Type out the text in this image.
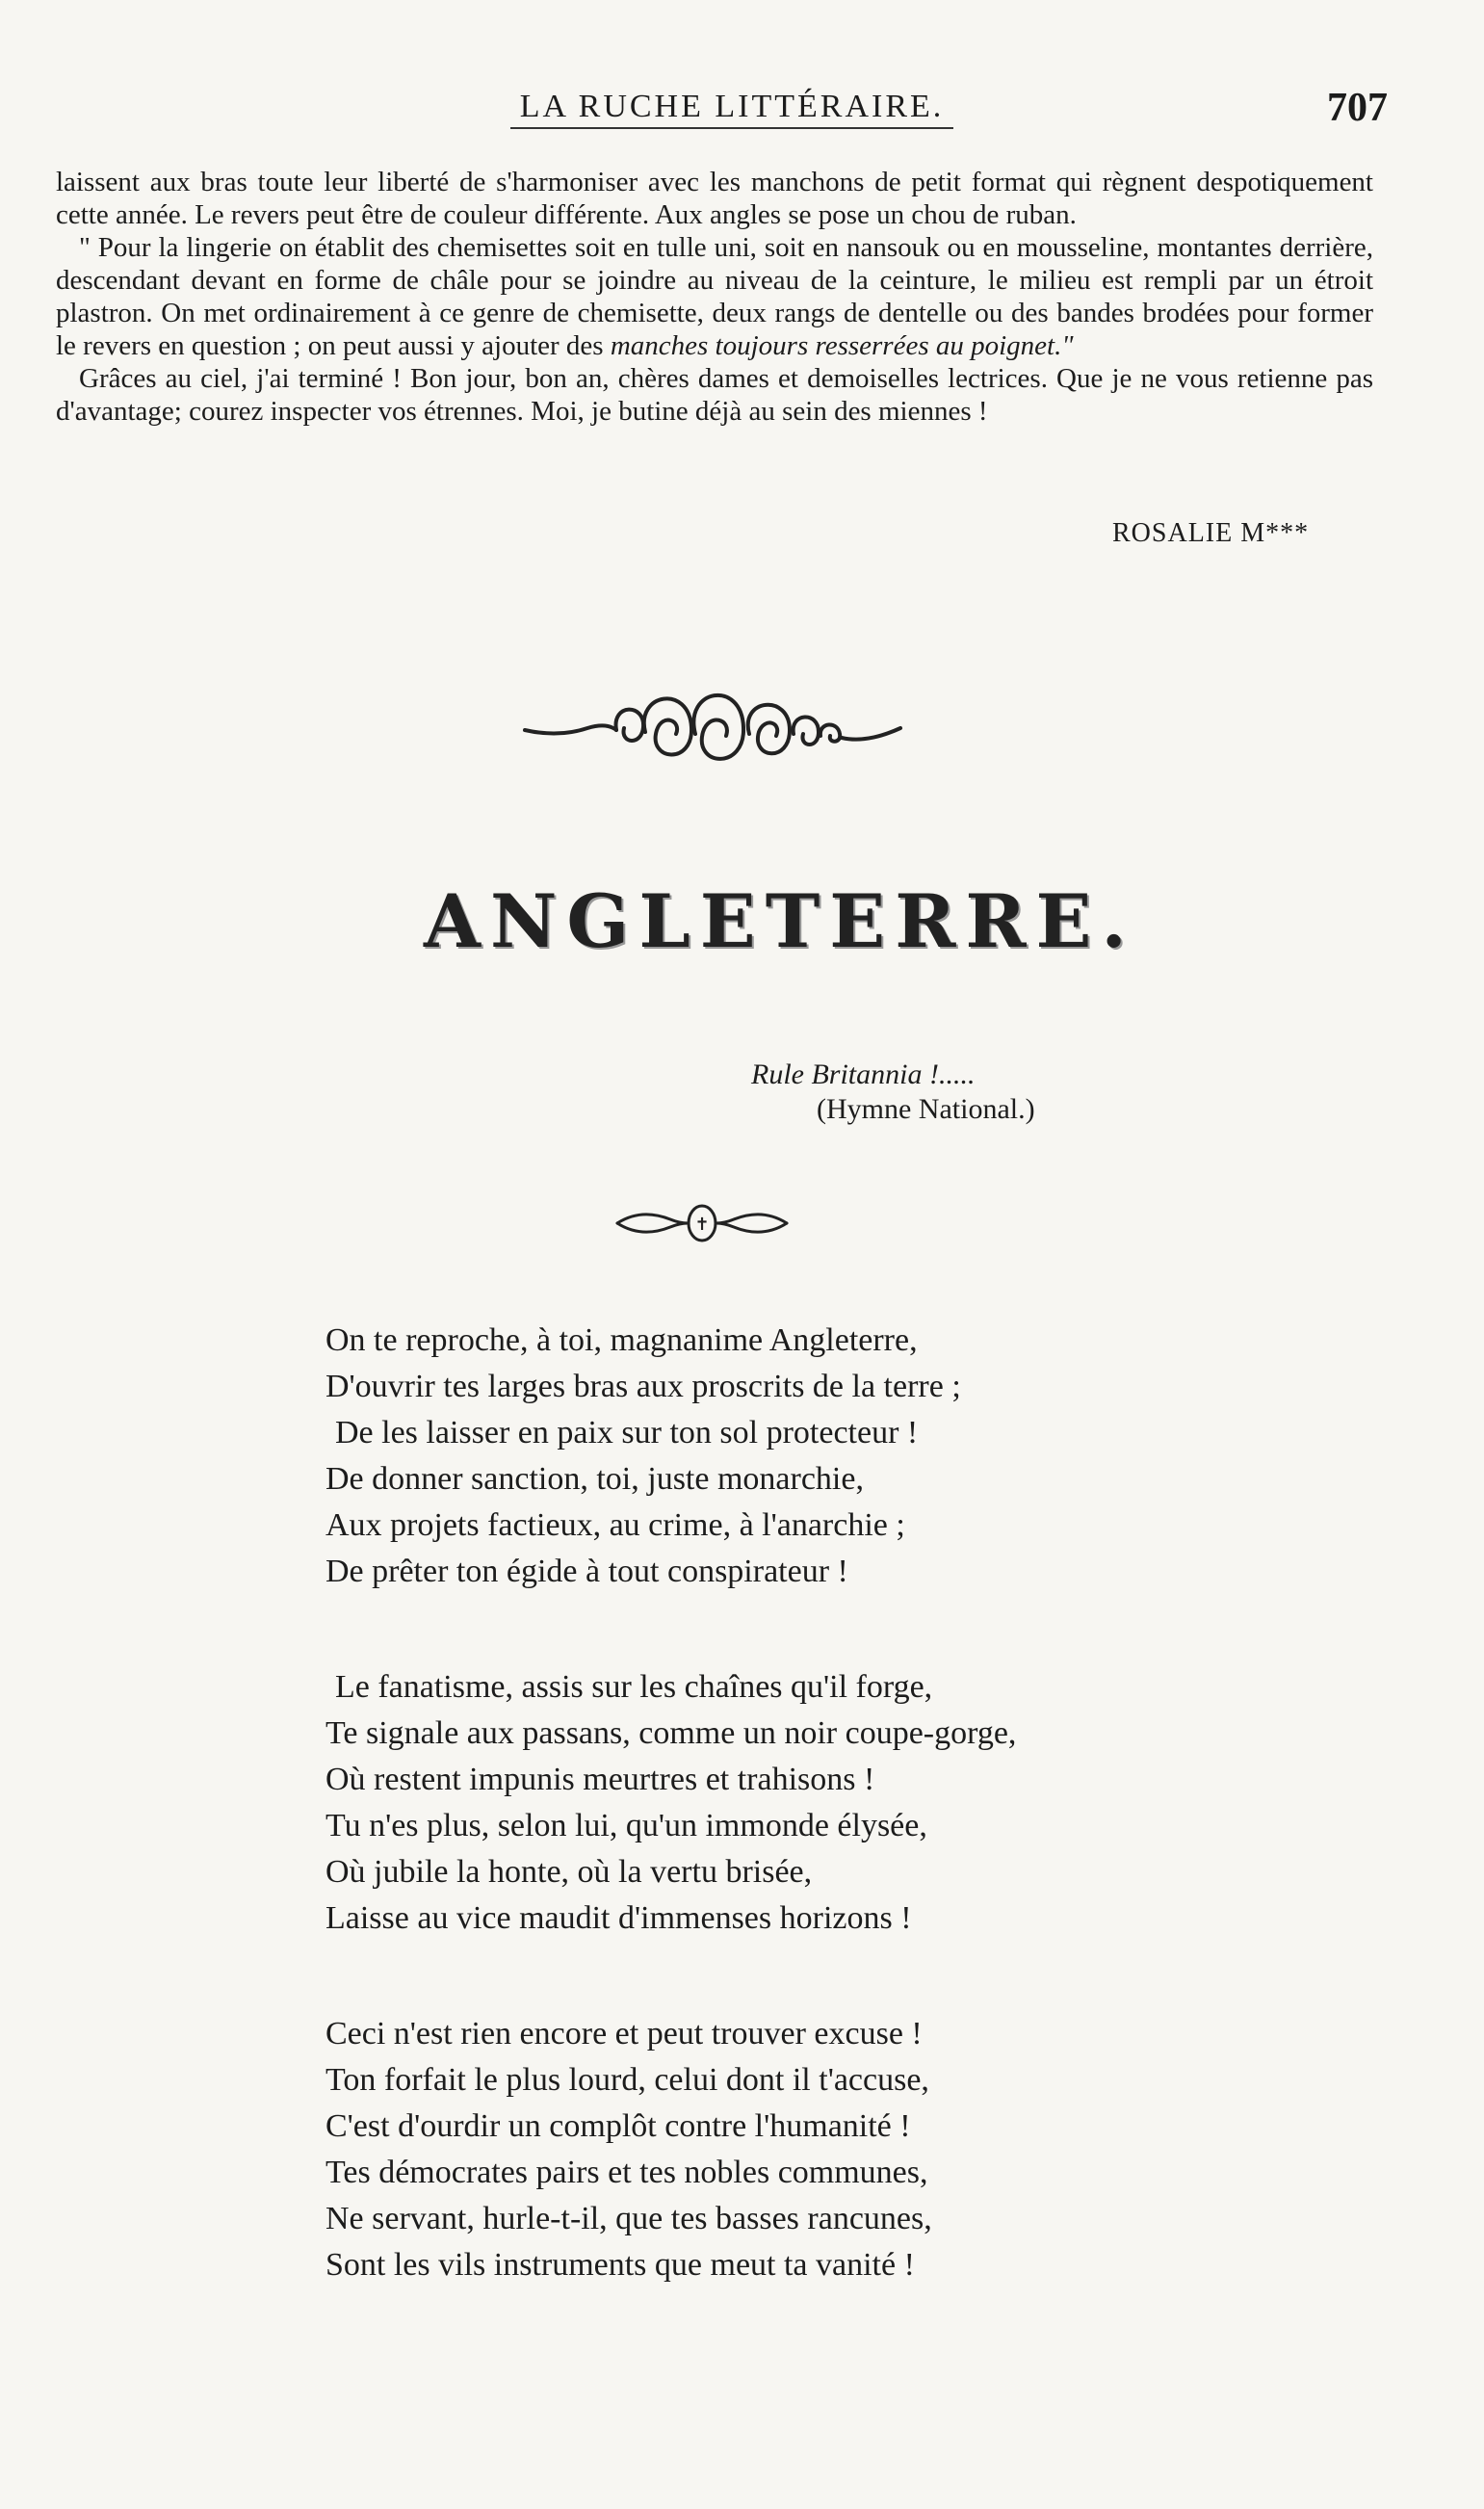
LA RUCHE LITTÉRAIRE.	707

laissent aux bras toute leur liberté de s'harmoniser avec les manchons de petit format qui règnent despotiquement cette année. Le revers peut être de couleur différente. Aux angles se pose un chou de ruban.

" Pour la lingerie on établit des chemisettes soit en tulle uni, soit en nansouk ou en mousseline, montantes derrière, descendant devant en forme de châle pour se joindre au niveau de la ceinture, le milieu est rempli par un étroit plastron. On met ordinairement à ce genre de chemisette, deux rangs de dentelle ou des bandes brodées pour former le revers en question ; on peut aussi y ajouter des manches toujours resserrées au poignet."

Grâces au ciel, j'ai terminé ! Bon jour, bon an, chères dames et demoiselles lectrices. Que je ne vous retienne pas d'avantage; courez inspecter vos étrennes. Moi, je butine déjà au sein des miennes !

ROSALIE M***
ANGLETERRE.
Rule Britannia !.....
(Hymne National.)
✝
On te reproche, à toi, magnanime Angleterre,
D'ouvrir tes larges bras aux proscrits de la terre ;
De les laisser en paix sur ton sol protecteur !
De donner sanction, toi, juste monarchie,
Aux projets factieux, au crime, à l'anarchie ;
De prêter ton égide à tout conspirateur !
Le fanatisme, assis sur les chaînes qu'il forge,
Te signale aux passans, comme un noir coupe-gorge,
Où restent impunis meurtres et trahisons !
Tu n'es plus, selon lui, qu'un immonde élysée,
Où jubile la honte, où la vertu brisée,
Laisse au vice maudit d'immenses horizons !
Ceci n'est rien encore et peut trouver excuse !
Ton forfait le plus lourd, celui dont il t'accuse,
C'est d'ourdir un complôt contre l'humanité !
Tes démocrates pairs et tes nobles communes,
Ne servant, hurle-t-il, que tes basses rancunes,
Sont les vils instruments que meut ta vanité !
